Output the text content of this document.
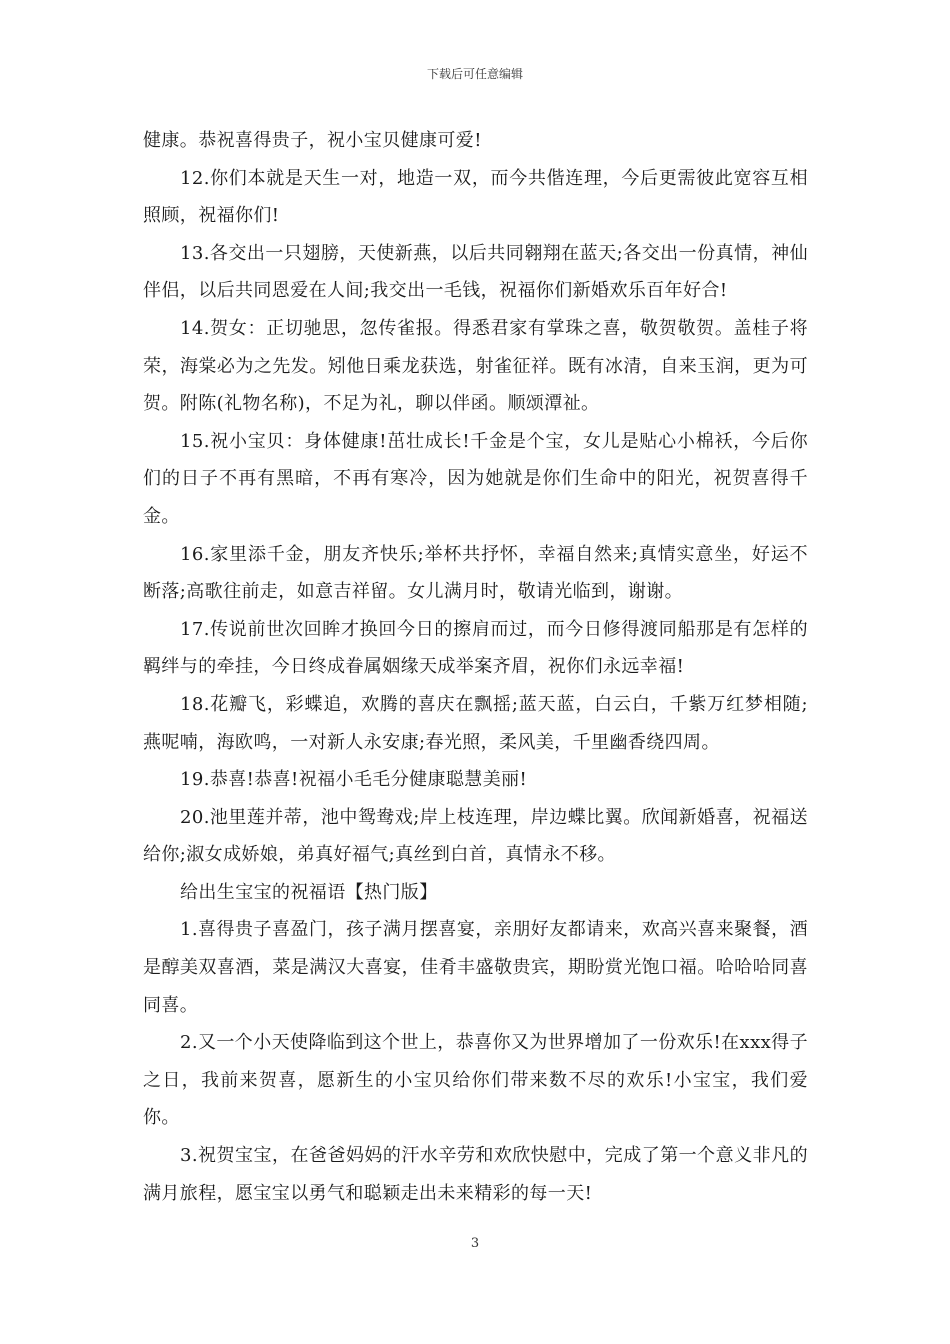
下载后可任意编辑

健康。恭祝喜得贵子，祝小宝贝健康可爱!

12.你们本就是天生一对，地造一双，而今共偕连理，今后更需彼此宽容互相照顾，祝福你们!

13.各交出一只翅膀，天使新燕，以后共同翱翔在蓝天;各交出一份真情，神仙伴侣，以后共同恩爱在人间;我交出一毛钱，祝福你们新婚欢乐百年好合!

14.贺女：正切驰思，忽传雀报。得悉君家有掌珠之喜，敬贺敬贺。盖桂子将荣，海棠必为之先发。矧他日乘龙获选，射雀征祥。既有冰清，自来玉润，更为可贺。附陈(礼物名称)，不足为礼，聊以伴函。顺颂潭祉。

15.祝小宝贝：身体健康!茁壮成长!千金是个宝，女儿是贴心小棉袄，今后你们的日子不再有黑暗，不再有寒冷，因为她就是你们生命中的阳光，祝贺喜得千金。

16.家里添千金，朋友齐快乐;举杯共抒怀，幸福自然来;真情实意坐，好运不断落;高歌往前走，如意吉祥留。女儿满月时，敬请光临到，谢谢。

17.传说前世次回眸才换回今日的擦肩而过，而今日修得渡同船那是有怎样的羁绊与的牵挂，今日终成眷属姻缘天成举案齐眉，祝你们永远幸福!

18.花瓣飞，彩蝶追，欢腾的喜庆在飘摇;蓝天蓝，白云白，千紫万红梦相随;燕呢喃，海欧鸣，一对新人永安康;春光照，柔风美，千里幽香绕四周。

19.恭喜!恭喜!祝福小毛毛分健康聪慧美丽!

20.池里莲并蒂，池中鸳鸯戏;岸上枝连理，岸边蝶比翼。欣闻新婚喜，祝福送给你;淑女成娇娘，弟真好福气;真丝到白首，真情永不移。

给出生宝宝的祝福语【热门版】

1.喜得贵子喜盈门，孩子满月摆喜宴，亲朋好友都请来，欢高兴喜来聚餐，酒是醇美双喜酒，菜是满汉大喜宴，佳肴丰盛敬贵宾，期盼赏光饱口福。哈哈哈同喜同喜。

2.又一个小天使降临到这个世上，恭喜你又为世界增加了一份欢乐!在xxx得子之日，我前来贺喜，愿新生的小宝贝给你们带来数不尽的欢乐!小宝宝，我们爱你。

3.祝贺宝宝，在爸爸妈妈的汗水辛劳和欢欣快慰中，完成了第一个意义非凡的满月旅程，愿宝宝以勇气和聪颖走出未来精彩的每一天!

3
